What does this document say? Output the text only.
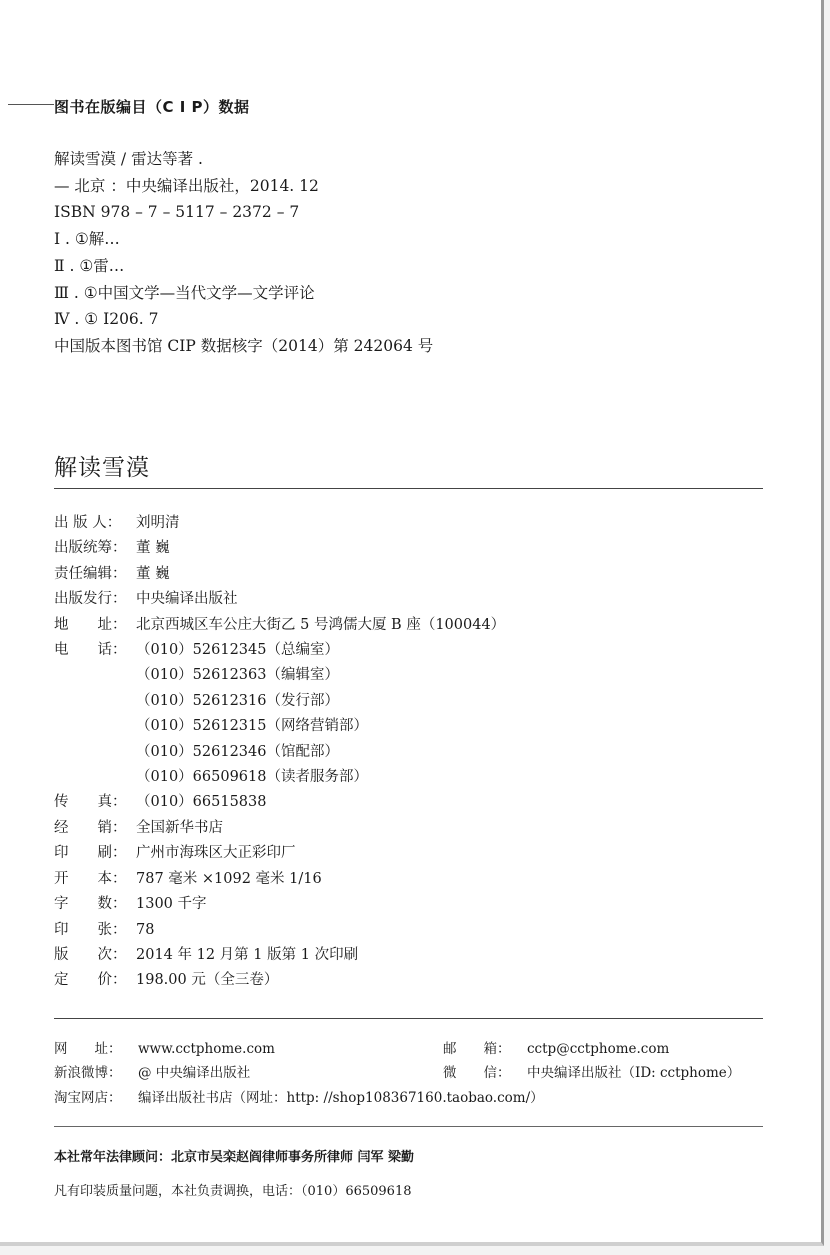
图书在版编目（C I P）数据
解读雪漠 / 雷达等著 .
— 北京 ：中央编译出版社，2014. 12
ISBN 978 – 7 – 5117 – 2372 – 7
Ⅰ . ①解…
Ⅱ . ①雷…
Ⅲ . ①中国文学—当代文学—文学评论
Ⅳ . ① I206. 7
中国版本图书馆 CIP 数据核字（2014）第 242064 号
解读雪漠
出 版 人：	刘明清
出版统筹： 董 巍
责任编辑： 董 巍
出版发行： 中央编译出版社
地　　址： 北京西城区车公庄大街乙 5 号鸿儒大厦 B 座（100044）
电　　话： （010）52612345（总编室）
（010）52612363（编辑室）
（010）52612316（发行部）
（010）52612315（网络营销部）
（010）52612346（馆配部）
（010）66509618（读者服务部）
传　　真： （010）66515838
经　　销： 全国新华书店
印　　刷： 广州市海珠区大正彩印厂
开　　本： 787 毫米 ×1092 毫米 1/16
字　　数： 1300 千字
印　　张： 78
版　　次： 2014 年 12 月第 1 版第 1 次印刷
定　　价： 198.00 元（全三卷）
网　　址： www.cctphome.com	邮　　箱： cctp@cctphome.com
新浪微博： @ 中央编译出版社	微　　信： 中央编译出版社（ID: cctphome）
淘宝网店： 编译出版社书店（网址：http: //shop108367160.taobao.com/）
本社常年法律顾问：北京市吴栾赵阎律师事务所律师 闫军 梁勤
凡有印装质量问题，本社负责调换，电话：（010）66509618
